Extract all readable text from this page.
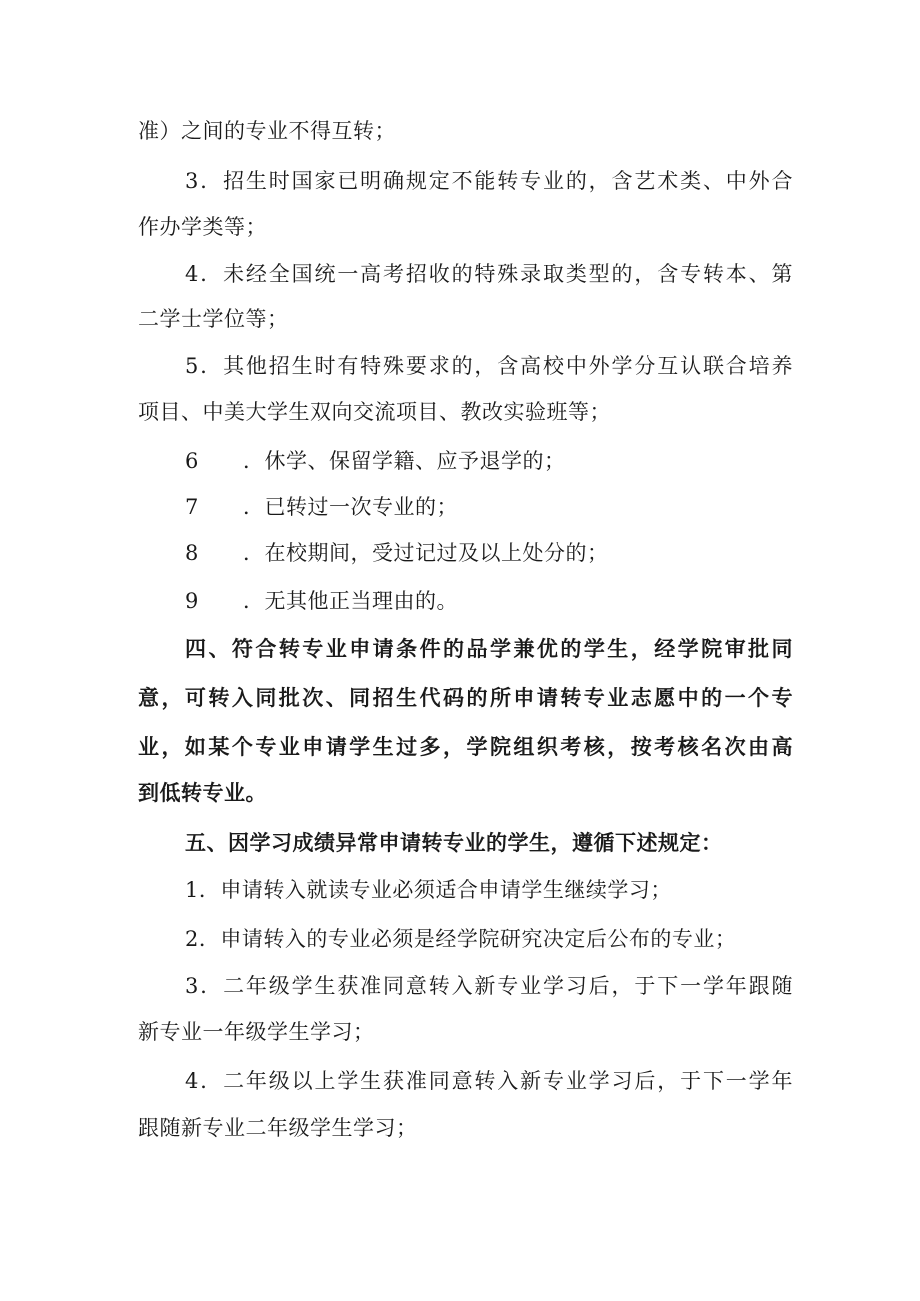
准）之间的专业不得互转；
3．招生时国家已明确规定不能转专业的，含艺术类、中外合
作办学类等；
4．未经全国统一高考招收的特殊录取类型的，含专转本、第
二学士学位等；
5．其他招生时有特殊要求的，含高校中外学分互认联合培养
项目、中美大学生双向交流项目、教改实验班等；
6 ．休学、保留学籍、应予退学的；
7 ．已转过一次专业的；
8 ．在校期间，受过记过及以上处分的；
9 ．无其他正当理由的。
四、符合转专业申请条件的品学兼优的学生，经学院审批同
意，可转入同批次、同招生代码的所申请转专业志愿中的一个专
业，如某个专业申请学生过多，学院组织考核，按考核名次由高
到低转专业。
五、因学习成绩异常申请转专业的学生，遵循下述规定：
1．申请转入就读专业必须适合申请学生继续学习；
2．申请转入的专业必须是经学院研究决定后公布的专业；
3．二年级学生获准同意转入新专业学习后，于下一学年跟随
新专业一年级学生学习；
4．二年级以上学生获准同意转入新专业学习后，于下一学年
跟随新专业二年级学生学习；
